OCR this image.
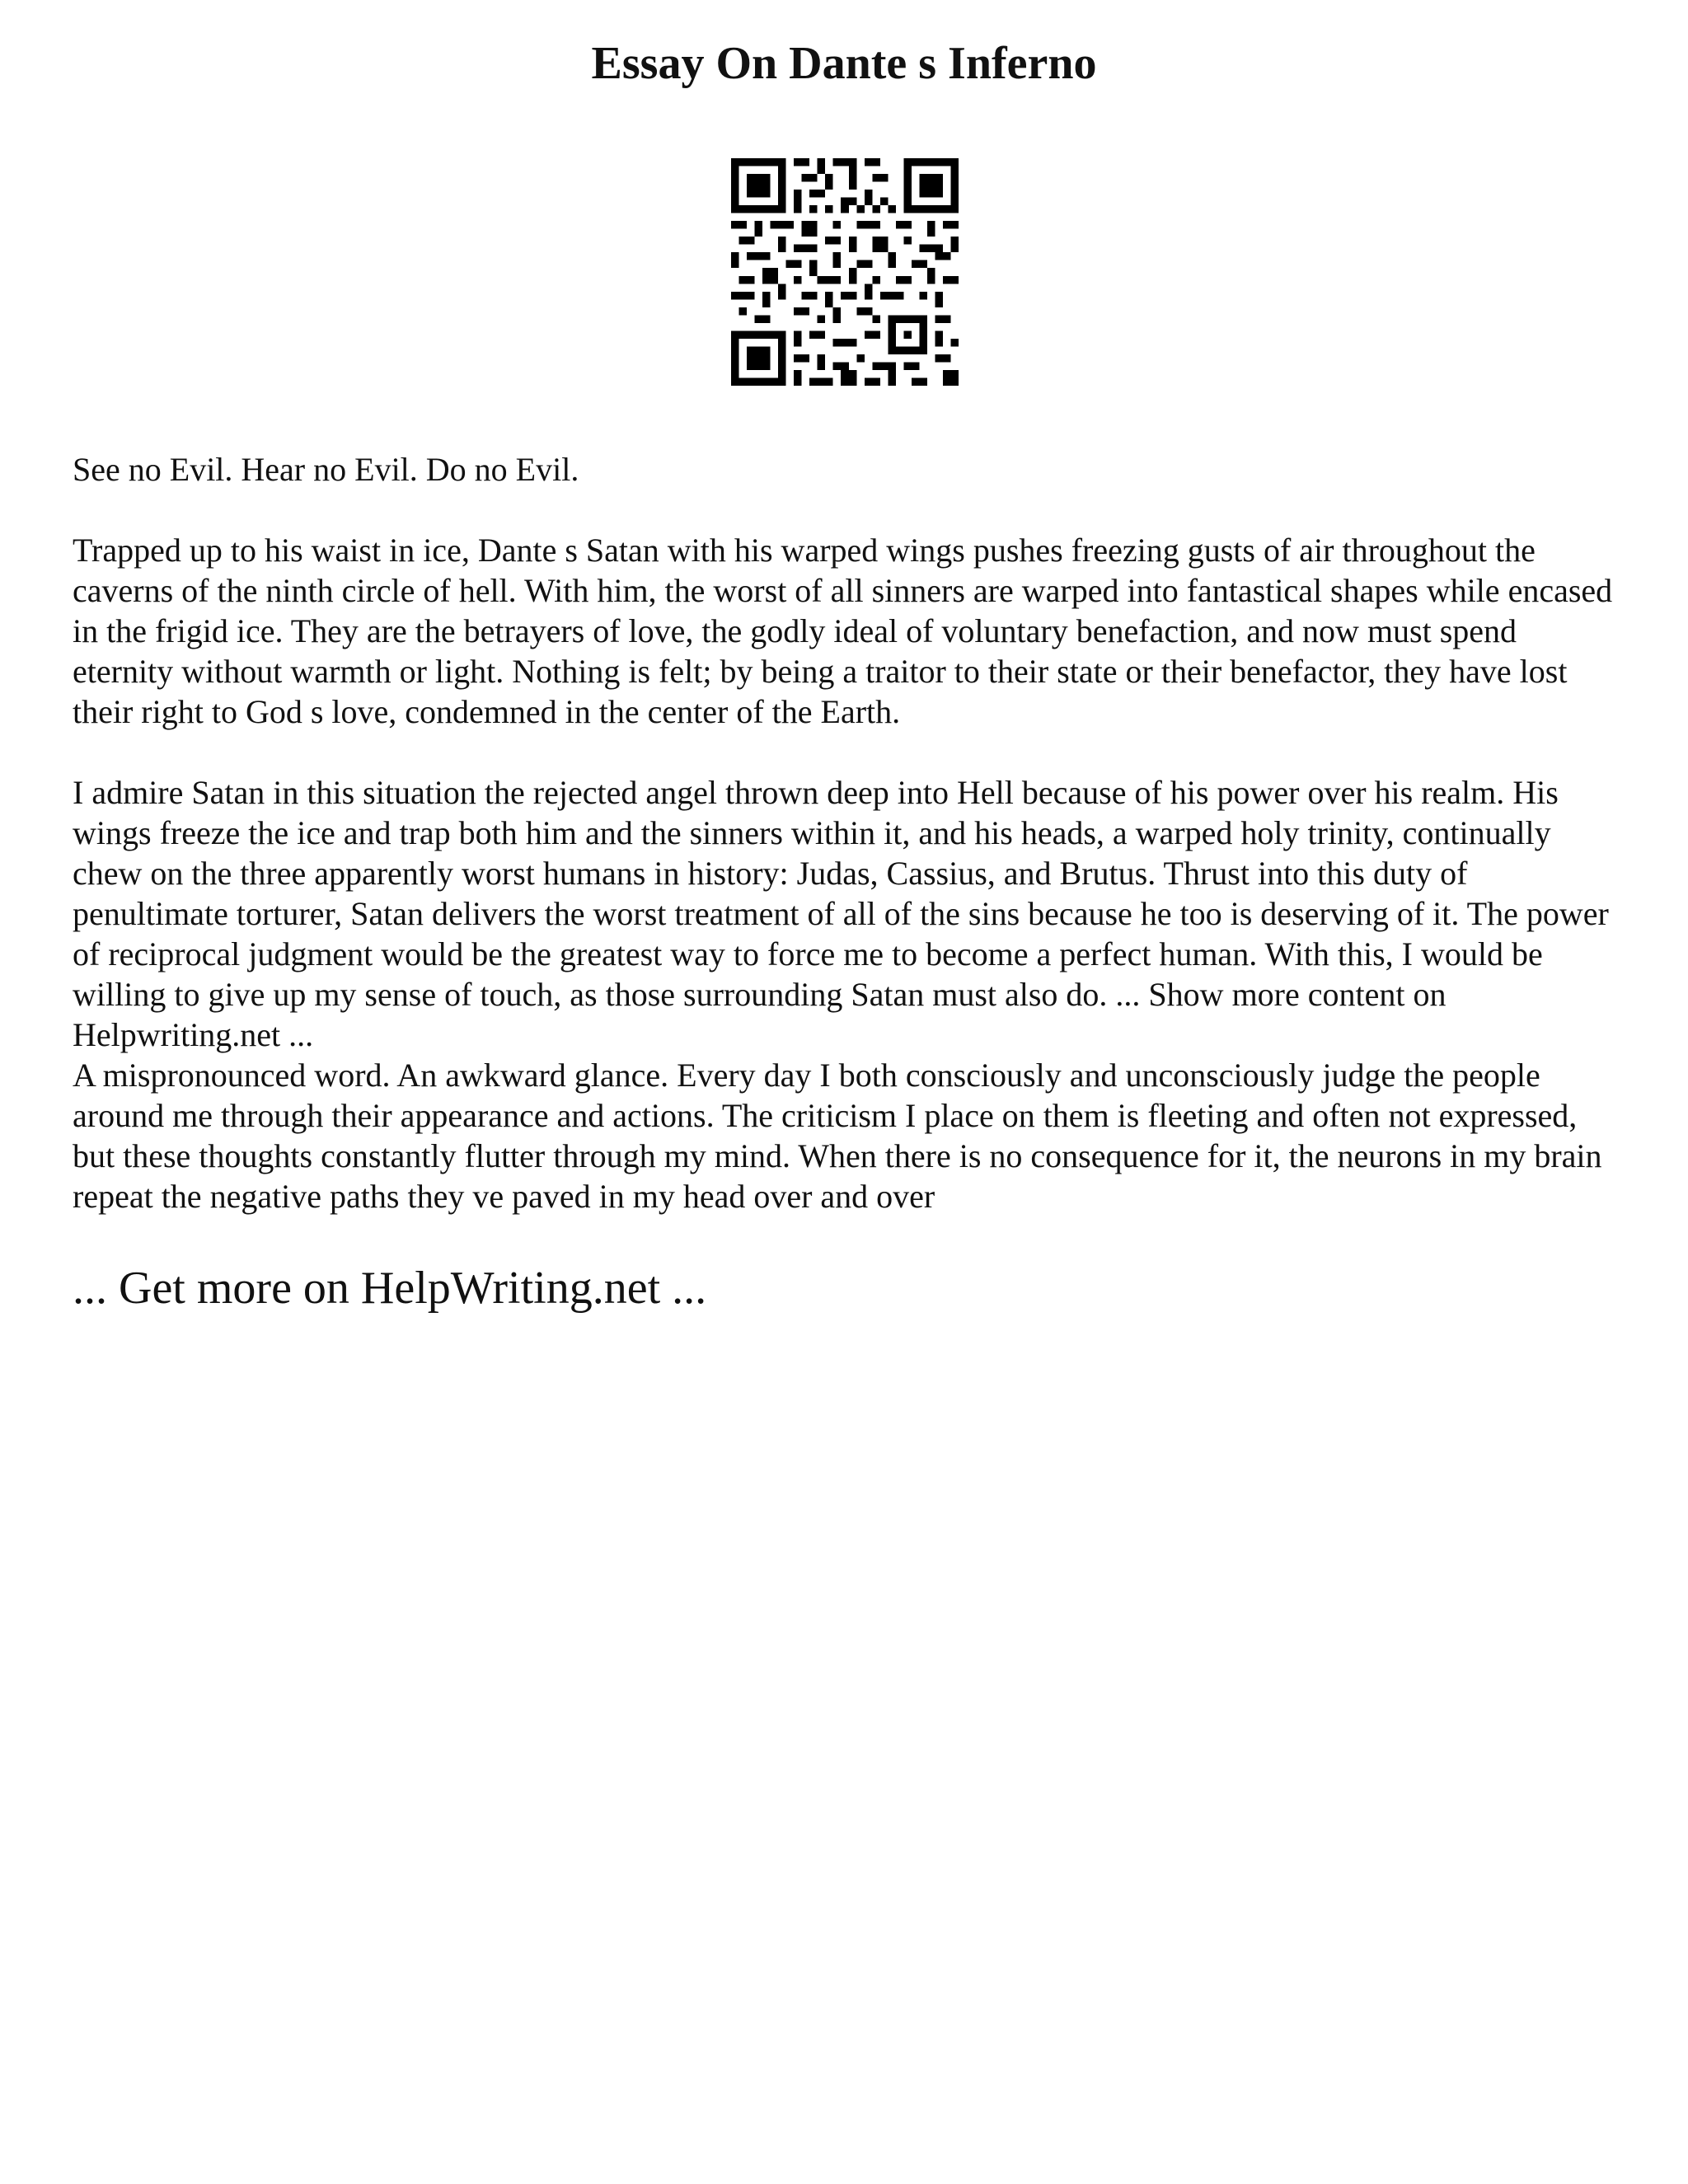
Essay On Dante s Inferno

See no Evil. Hear no Evil. Do no Evil.

Trapped up to his waist in ice, Dante s Satan with his warped wings pushes freezing gusts of air throughout the caverns of the ninth circle of hell. With him, the worst of all sinners are warped into fantastical shapes while encased in the frigid ice. They are the betrayers of love, the godly ideal of voluntary benefaction, and now must spend eternity without warmth or light. Nothing is felt; by being a traitor to their state or their benefactor, they have lost their right to God s love, condemned in the center of the Earth.

I admire Satan in this situation the rejected angel thrown deep into Hell because of his power over his realm. His wings freeze the ice and trap both him and the sinners within it, and his heads, a warped holy trinity, continually chew on the three apparently worst humans in history: Judas, Cassius, and Brutus. Thrust into this duty of penultimate torturer, Satan delivers the worst treatment of all of the sins because he too is deserving of it. The power of reciprocal judgment would be the greatest way to force me to become a perfect human. With this, I would be willing to give up my sense of touch, as those surrounding Satan must also do. ... Show more content on Helpwriting.net ...

A mispronounced word. An awkward glance. Every day I both consciously and unconsciously judge the people around me through their appearance and actions. The criticism I place on them is fleeting and often not expressed, but these thoughts constantly flutter through my mind. When there is no consequence for it, the neurons in my brain repeat the negative paths they ve paved in my head over and over

... Get more on HelpWriting.net ...
